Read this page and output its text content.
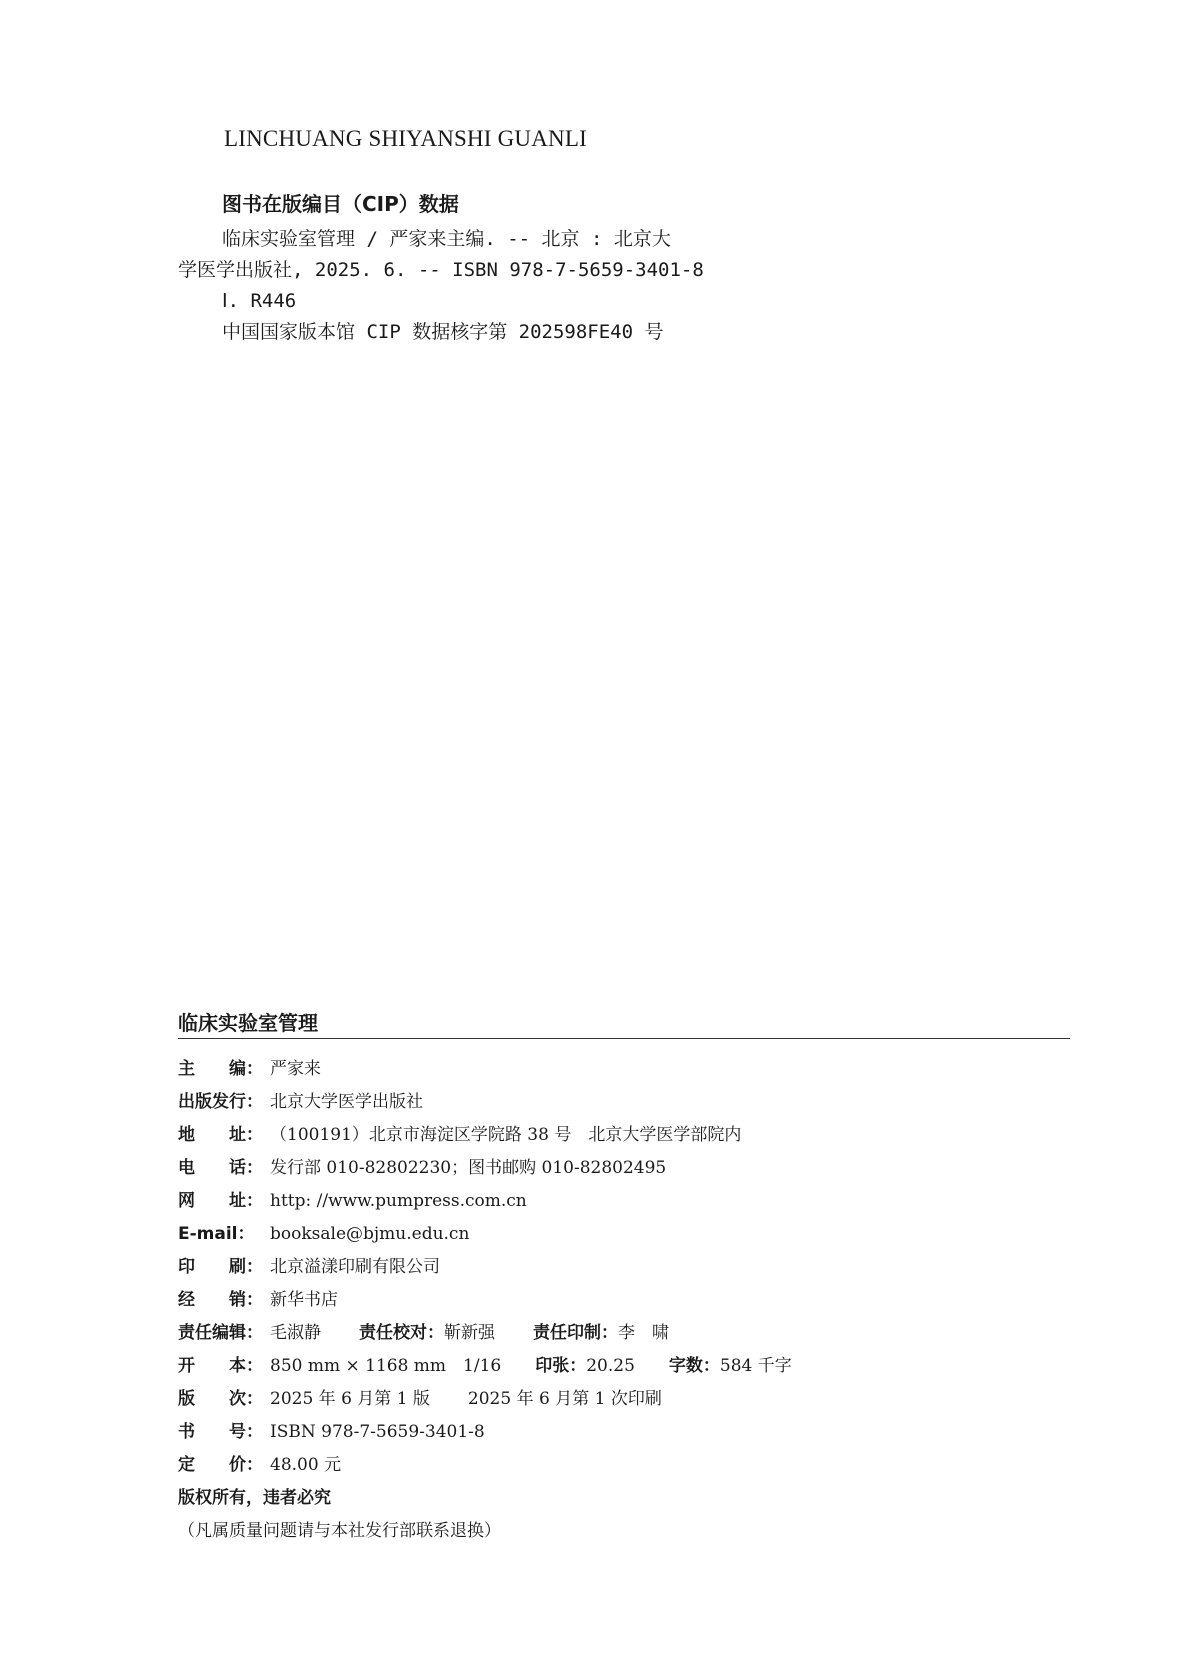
LINCHUANG SHIYANSHI GUANLI
图书在版编目（CIP）数据
临床实验室管理 / 严家来主编. -- 北京 : 北京大
学医学出版社, 2025. 6. -- ISBN 978-7-5659-3401-8
Ⅰ. R446
中国国家版本馆 CIP 数据核字第 202598FE40 号
临床实验室管理
主　　编： 严家来
出版发行： 北京大学医学出版社
地　　址： （100191）北京市海淀区学院路 38 号　北京大学医学部院内
电　　话： 发行部 010-82802230；图书邮购 010-82802495
网　　址： http: //www.pumpress.com.cn
E-mail： booksale@bjmu.edu.cn
印　　刷： 北京溢漾印刷有限公司
经　　销： 新华书店
责任编辑： 毛淑静 责任校对： 靳新强 责任印制： 李　啸
开　　本： 850 mm × 1168 mm　1/16 印张： 20.25 字数： 584 千字
版　　次： 2025 年 6 月第 1 版 2025 年 6 月第 1 次印刷
书　　号： ISBN 978-7-5659-3401-8
定　　价： 48.00 元
版权所有，违者必究
（凡属质量问题请与本社发行部联系退换）
